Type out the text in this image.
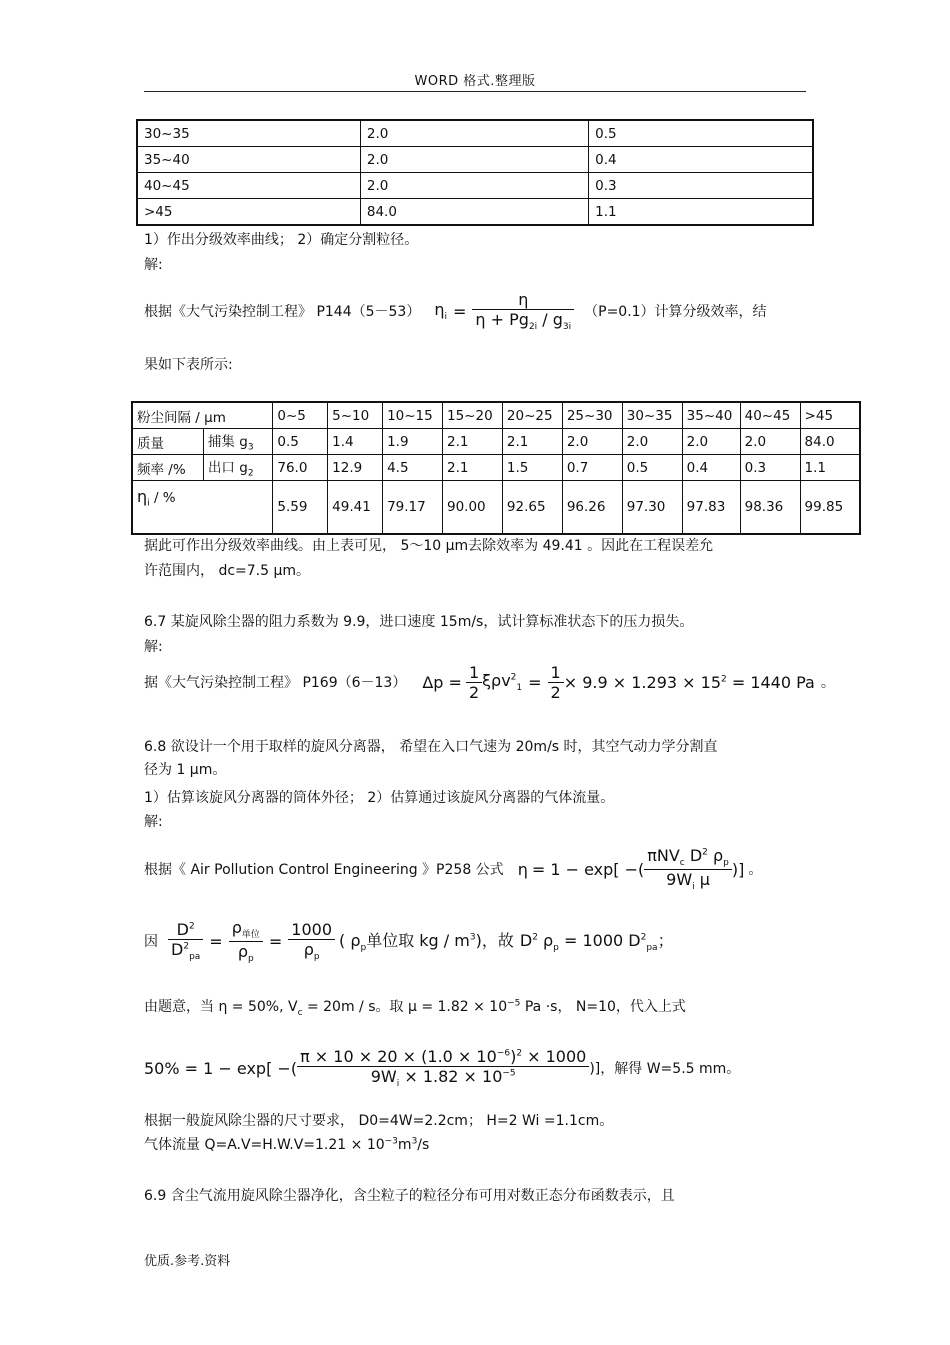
WORD 格式.整理版
30~35	2.0	0.5
35~40	2.0	0.4
40~45	2.0	0.3
>45	84.0	1.1
1）作出分级效率曲线； 2）确定分割粒径。
解:
根据《大气污染控制工程》 P144（5－53） $\eta_i = \frac{\eta}{\eta + Pg_{2i} / g_{3i}} (P=0.1)$计算分级效率，结
果如下表所示:
粉尘间隔 / μm		0~5	5~10	10~15	15~20	20~25	25~30	30~35	35~40	40~45	>45
质量	捕集 $g_3$	0.5	1.4	1.9	2.1	2.1	2.0	2.0	2.0	2.0	84.0
频率 /%	出口 $g_2$	76.0	12.9	4.5	2.1	1.5	0.7	0.5	0.4	0.3	1.1
$\eta_i$ / %		5.59	49.41	79.17	90.00	92.65	96.26	97.30	97.83	98.36	99.85
据此可作出分级效率曲线。由上表可见， 5～10 μm去除效率为 49.41 。因此在工程误差允
许范围内， dc=7.5 μm。
6.7 某旋风除尘器的阻力系数为 9.9，进口速度 15m/s，试计算标准状态下的压力损失。
解:
据《大气污染控制工程》 P169（6－13） $\Delta p = \frac{1}{2} \xi\rho v^2_1 = \frac{1}{2} \times 9.9 \times 1.293 \times 15^2 = 1440$ Pa 。
6.8 欲设计一个用于取样的旋风分离器， 希望在入口气速为 20m/s 时，其空气动力学分割直
径为 1 μm。
1）估算该旋风分离器的筒体外径； 2）估算通过该旋风分离器的气体流量。
解:
根据《 Air Pollution Control Engineering 》P258 公式 η = 1 − exp[ −( $\frac{\pi NV_c D^2 \rho_p}{9W_i \mu}$ )] 。
因 $\frac{D^2}{D^2_{pa}} = \frac{\rho_{单位}}{\rho_p} = \frac{1000}{\rho_p}$ ( $\rho_p$单位取 kg / $m^3$)，故 $D^2$ $\rho_p = 1000$ $D^2_{pa}$；
由题意，当 η = 50%, $V_c = 20m / s$。取 $\mu = 1.82 \times 10^{-5}$ Pa ·s， N=10，代入上式
50% = 1 − exp[ −( $\frac{\pi \times 10 \times 20 \times (1.0 \times 10^{-6})^2 \times 1000}{9W_i \times 1.82 \times 10^{-5}}$ )]，解得 W=5.5 mm。
根据一般旋风除尘器的尺寸要求， D0=4W=2.2cm； H=2 Wi =1.1cm。
气体流量 $Q=A.V=H.W.V=1.21 \times 10^{-3}m^3/s$
6.9 含尘气流用旋风除尘器净化，含尘粒子的粒径分布可用对数正态分布函数表示，且
优质.参考.资料
